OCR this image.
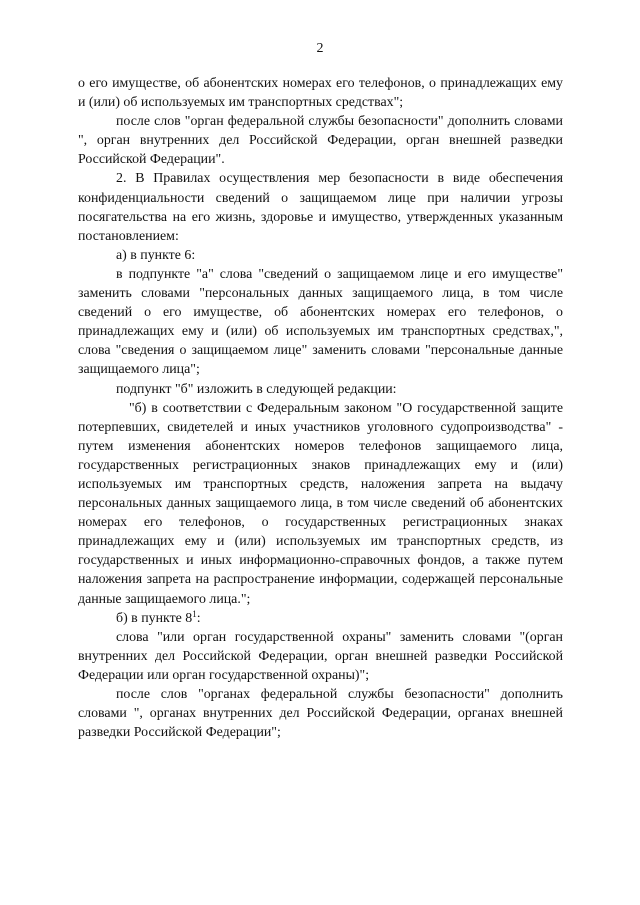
2

о его имуществе, об абонентских номерах его телефонов, о принадлежащих ему и (или) об используемых им транспортных средствах";

после слов "орган федеральной службы безопасности" дополнить словами ", орган внутренних дел Российской Федерации, орган внешней разведки Российской Федерации".

2. В Правилах осуществления мер безопасности в виде обеспечения конфиденциальности сведений о защищаемом лице при наличии угрозы посягательства на его жизнь, здоровье и имущество, утвержденных указанным постановлением:

а) в пункте 6:

в подпункте "а" слова "сведений о защищаемом лице и его имуществе" заменить словами "персональных данных защищаемого лица, в том числе сведений о его имуществе, об абонентских номерах его телефонов, о принадлежащих ему и (или) об используемых им транспортных средствах,", слова "сведения о защищаемом лице" заменить словами "персональные данные защищаемого лица";

подпункт "б" изложить в следующей редакции:

"б) в соответствии с Федеральным законом "О государственной защите потерпевших, свидетелей и иных участников уголовного судопроизводства" - путем изменения абонентских номеров телефонов защищаемого лица, государственных регистрационных знаков принадлежащих ему и (или) используемых им транспортных средств, наложения запрета на выдачу персональных данных защищаемого лица, в том числе сведений об абонентских номерах его телефонов, о государственных регистрационных знаках принадлежащих ему и (или) используемых им транспортных средств, из государственных и иных информационно-справочных фондов, а также путем наложения запрета на распространение информации, содержащей персональные данные защищаемого лица.";

б) в пункте $8^1$:

слова "или орган государственной охраны" заменить словами "(орган внутренних дел Российской Федерации, орган внешней разведки Российской Федерации или орган государственной охраны)";

после слов "органах федеральной службы безопасности" дополнить словами ", органах внутренних дел Российской Федерации, органах внешней разведки Российской Федерации";
